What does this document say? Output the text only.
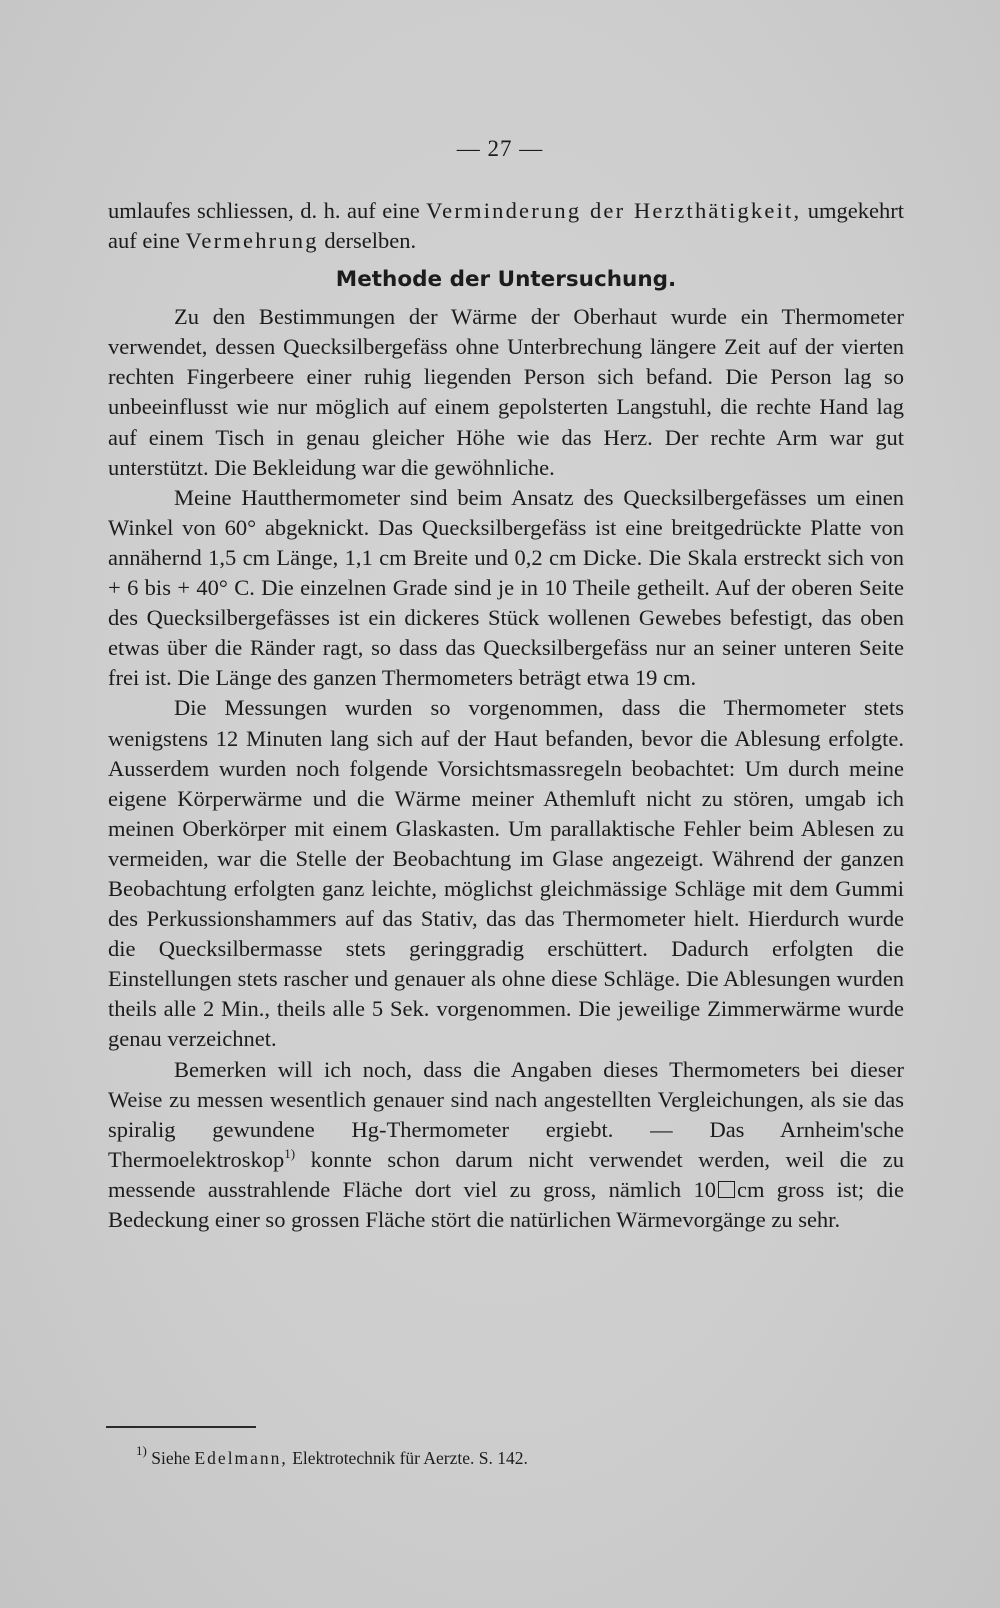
— 27 —

umlaufes schliessen, d. h. auf eine Verminderung der Herzthätigkeit, umgekehrt auf eine Vermehrung derselben.

Methode der Untersuchung.

Zu den Bestimmungen der Wärme der Oberhaut wurde ein Thermometer verwendet, dessen Quecksilbergefäss ohne Unterbrechung längere Zeit auf der vierten rechten Fingerbeere einer ruhig liegenden Person sich befand. Die Person lag so unbeeinflusst wie nur möglich auf einem gepolsterten Langstuhl, die rechte Hand lag auf einem Tisch in genau gleicher Höhe wie das Herz. Der rechte Arm war gut unterstützt. Die Bekleidung war die gewöhnliche.

Meine Hautthermometer sind beim Ansatz des Quecksilbergefässes um einen Winkel von 60° abgeknickt. Das Quecksilbergefäss ist eine breitgedrückte Platte von annähernd 1,5 cm Länge, 1,1 cm Breite und 0,2 cm Dicke. Die Skala erstreckt sich von + 6 bis + 40° C. Die einzelnen Grade sind je in 10 Theile getheilt. Auf der oberen Seite des Quecksilbergefässes ist ein dickeres Stück wollenen Gewebes befestigt, das oben etwas über die Ränder ragt, so dass das Quecksilbergefäss nur an seiner unteren Seite frei ist. Die Länge des ganzen Thermometers beträgt etwa 19 cm.

Die Messungen wurden so vorgenommen, dass die Thermometer stets wenigstens 12 Minuten lang sich auf der Haut befanden, bevor die Ablesung erfolgte. Ausserdem wurden noch folgende Vorsichtsmassregeln beobachtet: Um durch meine eigene Körperwärme und die Wärme meiner Athemluft nicht zu stören, umgab ich meinen Oberkörper mit einem Glaskasten. Um parallaktische Fehler beim Ablesen zu vermeiden, war die Stelle der Beobachtung im Glase angezeigt. Während der ganzen Beobachtung erfolgten ganz leichte, möglichst gleichmässige Schläge mit dem Gummi des Perkussionshammers auf das Stativ, das das Thermometer hielt. Hierdurch wurde die Quecksilbermasse stets geringgradig erschüttert. Dadurch erfolgten die Einstellungen stets rascher und genauer als ohne diese Schläge. Die Ablesungen wurden theils alle 2 Min., theils alle 5 Sek. vorgenommen. Die jeweilige Zimmerwärme wurde genau verzeichnet.

Bemerken will ich noch, dass die Angaben dieses Thermometers bei dieser Weise zu messen wesentlich genauer sind nach angestellten Vergleichungen, als sie das spiralig gewundene Hg-Thermometer ergiebt. — Das Arnheim'sche Thermoelektroskop$^{1)}$ konnte schon darum nicht verwendet werden, weil die zu messende ausstrahlende Fläche dort viel zu gross, nämlich 10 cm gross ist; die Bedeckung einer so grossen Fläche stört die natürlichen Wärmevorgänge zu sehr.

$^{1)}$ Siehe Edelmann, Elektrotechnik für Aerzte. S. 142.
